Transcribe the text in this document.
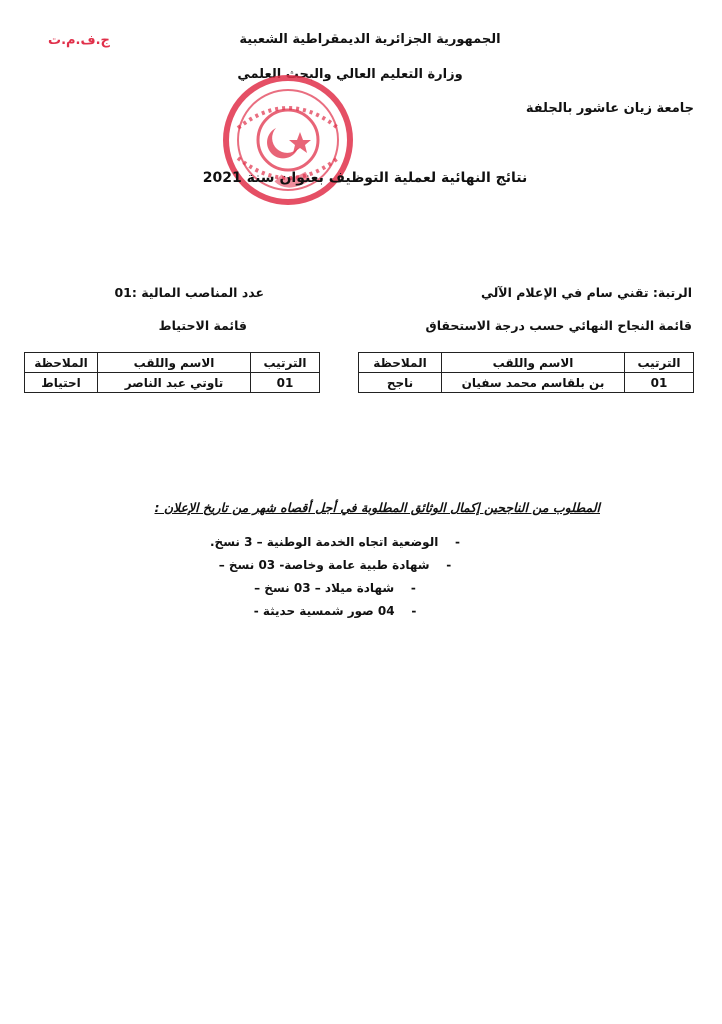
ج.ف.م.ت	الجمهورية الجزائرية الديمقراطية الشعبية
وزارة التعليم العالي والبحث العلمي
جامعة زيان عاشور بالجلفة
نتائج النهائية لعملية التوظيف بعنوان سنة 2021
الرتبة: تقني سام في الإعلام الآلي
عدد المناصب المالية :01
قائمة النجاح النهائي حسب درجة الاستحقاق
قائمة الاحتياط
الترتيب	الاسم واللقب	الملاحظة
01	بن بلقاسم محمد سفيان	ناجح
الترتيب	الاسم واللقب	الملاحظة
01	تاوتي عبد الناصر	احتياط
المطلوب من الناجحين إكمال الوثائق المطلوبة في أجل أقصاه شهر من تاريخ الإعلان :
-    الوضعية اتجاه الخدمة الوطنية – 3 نسخ.
-    شهادة طبية عامة وخاصة- 03 نسخ –
-    شهادة ميلاد – 03 نسخ –
-    04 صور شمسية حديثة -
